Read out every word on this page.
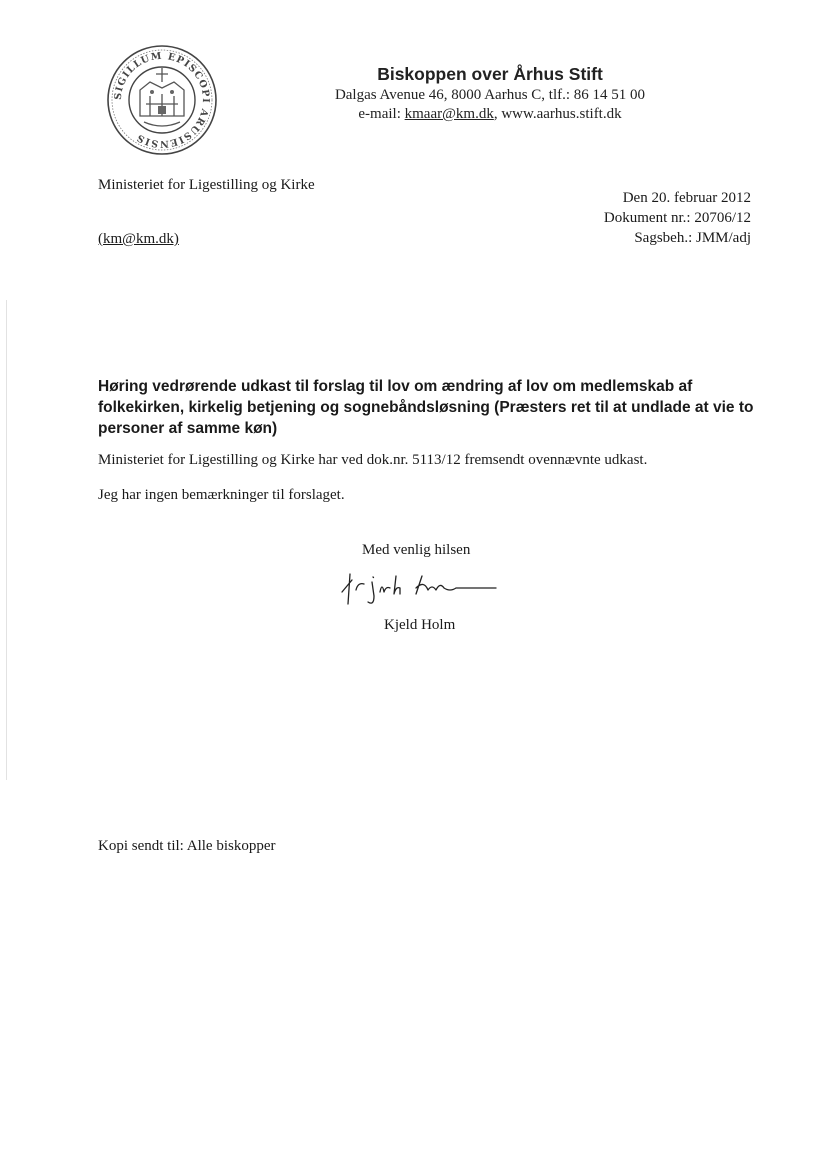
SIGILLUM EPISCOPI ARUSIENSIS
Biskoppen over Århus Stift
Dalgas Avenue 46, 8000 Aarhus C, tlf.: 86 14 51 00
e-mail: kmaar@km.dk, www.aarhus.stift.dk
Ministeriet for Ligestilling og Kirke
(km@km.dk)
Den 20. februar 2012
Dokument nr.: 20706/12
Sagsbeh.: JMM/adj
Høring vedrørende udkast til forslag til lov om ændring af lov om medlemskab af folkekirken, kirkelig betjening og sognebåndsløsning (Præsters ret til at undlade at vie to personer af samme køn)
Ministeriet for Ligestilling og Kirke har ved dok.nr. 5113/12 fremsendt ovennævnte udkast.
Jeg har ingen bemærkninger til forslaget.
Med venlig hilsen
Kjeld Holm
Kopi sendt til: Alle biskopper
